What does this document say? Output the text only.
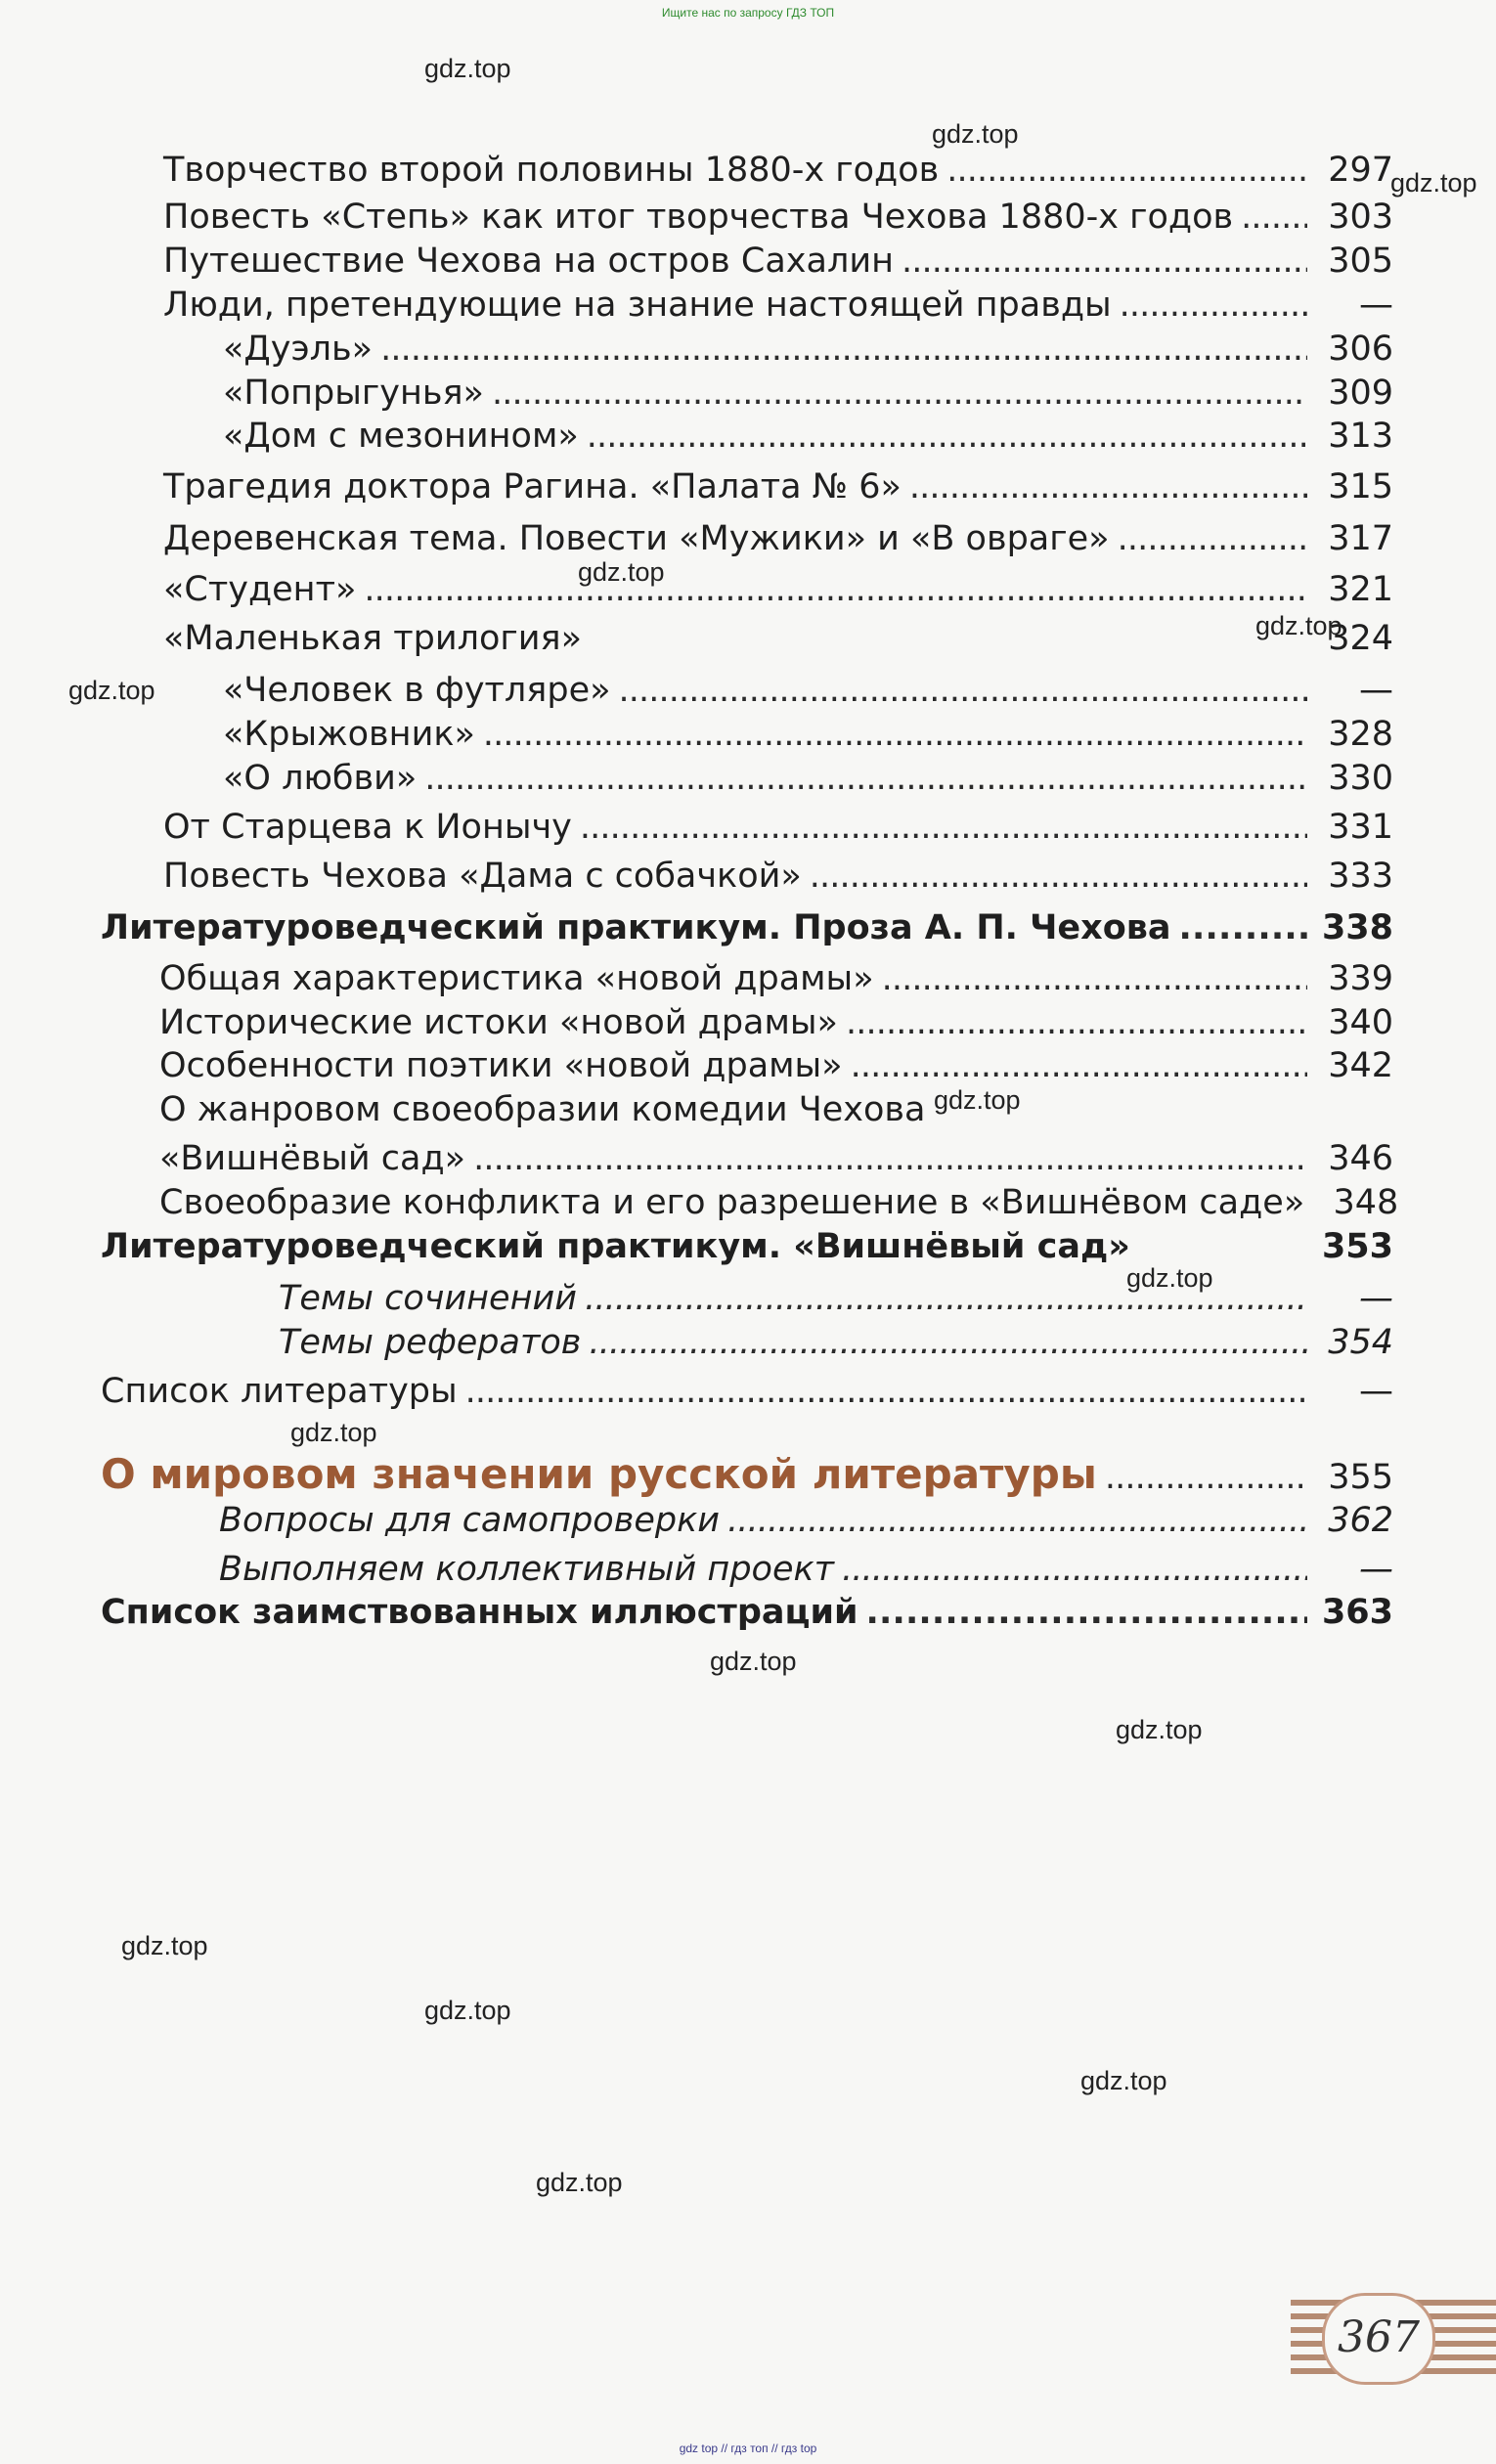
Ищите нас по запросу ГДЗ ТОП
Творчество второй половины 1880-х годов . . .	297
Повесть «Степь» как итог творчества Чехова 1880-х годов . . .	303
Путешествие Чехова на остров Сахалин . . .	305
Люди, претендующие на знание настоящей правды . . .	—
«Дуэль» . . .	306
«Попрыгунья» . . .	309
«Дом с мезонином» . . .	313
Трагедия доктора Рагина. «Палата № 6» . . .	315
Деревенская тема. Повести «Мужики» и «В овраге» . . .	317
«Студент» . . .	321
«Маленькая трилогия»	324
«Человек в футляре» . . .	—
«Крыжовник» . . .	328
«О любви» . . .	330
От Старцева к Ионычу . . .	331
Повесть Чехова «Дама с собачкой» . . .	333
Литературоведческий практикум. Проза А. П. Чехова . . .	338
Общая характеристика «новой драмы» . . .	339
Исторические истоки «новой драмы» . . .	340
Особенности поэтики «новой драмы» . . .	342
О жанровом своеобразии комедии Чехова
«Вишнёвый сад» . . .	346
Своеобразие конфликта и его разрешение в «Вишнёвом саде» 348
Литературоведческий практикум. «Вишнёвый сад»	353
Темы сочинений . . .	—
Темы рефератов . . .	354
Список литературы . . .	—
О мировом значении русской литературы . . .	355
Вопросы для самопроверки . . .	362
Выполняем коллективный проект . . .	—
Список заимствованных иллюстраций . . .	363
gdz.top
gdz.top
gdz.top
gdz.top
gdz.top
gdz.top
gdz.top
gdz.top
gdz.top
gdz.top
gdz.top
gdz.top
gdz.top
gdz.top
gdz.top
367
gdz top // гдз топ // гдз top
